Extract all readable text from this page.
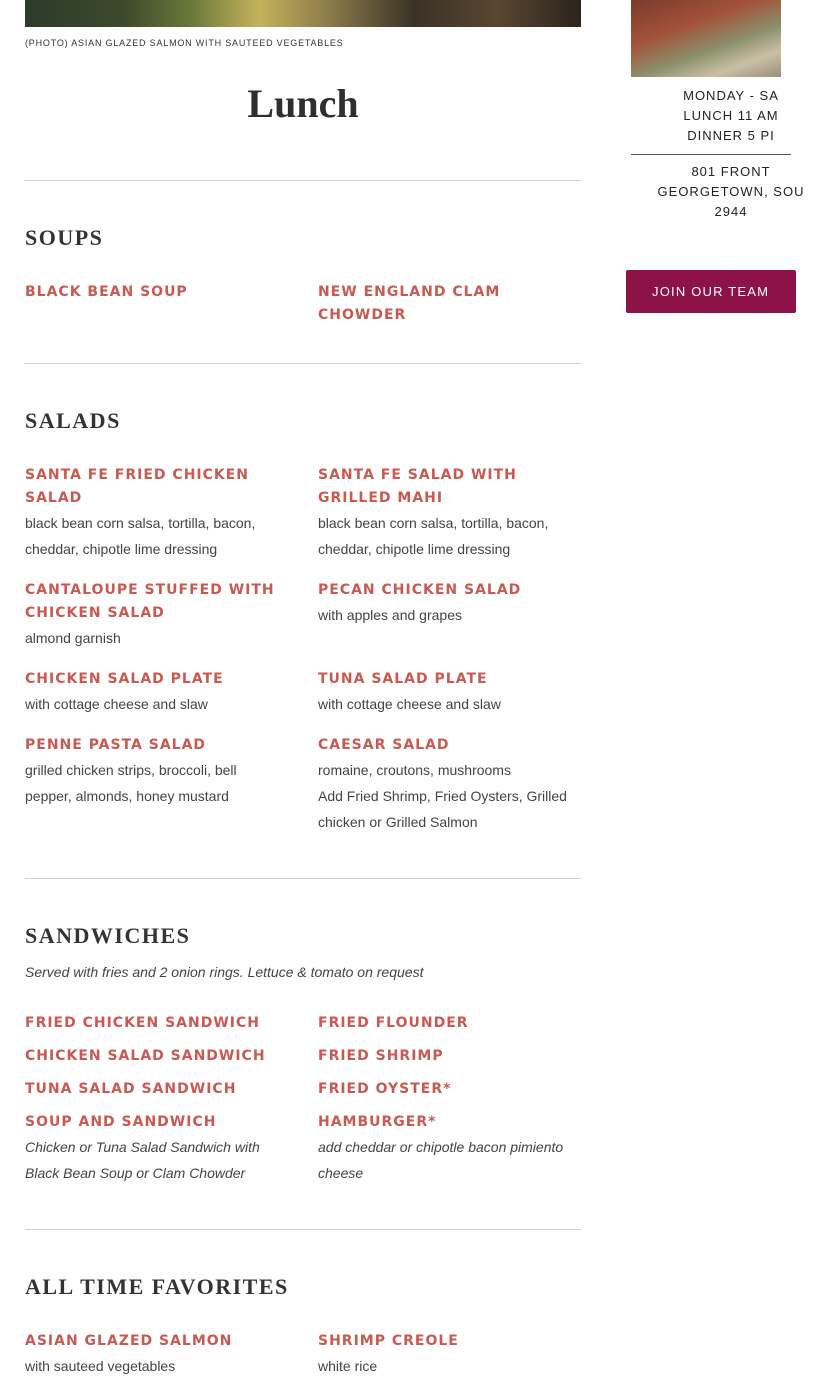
(PHOTO) ASIAN GLAZED SALMON WITH SAUTEED VEGETABLES
Lunch
SOUPS
BLACK BEAN SOUP	NEW ENGLAND CLAM CHOWDER
SALADS
SANTA FE FRIED CHICKEN SALAD
black bean corn salsa, tortilla, bacon, cheddar, chipotle lime dressing
SANTA FE SALAD WITH GRILLED MAHI
black bean corn salsa, tortilla, bacon, cheddar, chipotle lime dressing
CANTALOUPE STUFFED WITH CHICKEN SALAD
almond garnish
PECAN CHICKEN SALAD
with apples and grapes
CHICKEN SALAD PLATE
with cottage cheese and slaw
TUNA SALAD PLATE
with cottage cheese and slaw
PENNE PASTA SALAD
grilled chicken strips, broccoli, bell pepper, almonds, honey mustard
CAESAR SALAD
romaine, croutons, mushrooms
Add Fried Shrimp, Fried Oysters, Grilled chicken or Grilled Salmon
SANDWICHES
Served with fries and 2 onion rings. Lettuce & tomato on request
FRIED CHICKEN SANDWICH	FRIED FLOUNDER
CHICKEN SALAD SANDWICH	FRIED SHRIMP
TUNA SALAD SANDWICH	FRIED OYSTER*
SOUP AND SANDWICH
Chicken or Tuna Salad Sandwich with Black Bean Soup or Clam Chowder
HAMBURGER*
add cheddar or chipotle bacon pimiento cheese
ALL TIME FAVORITES
ASIAN GLAZED SALMON
with sauteed vegetables
SHRIMP CREOLE
white rice
MONDAY - SA
LUNCH 11 AM
DINNER 5 PI
801 FRONT
GEORGETOWN, SOU
2944
JOIN OUR TEAM
